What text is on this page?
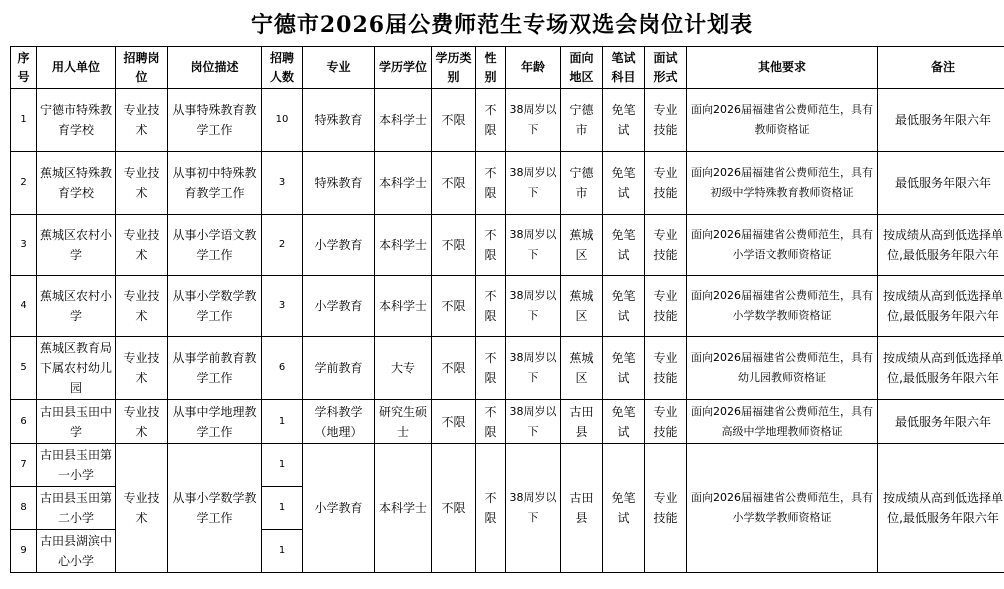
宁德市2026届公费师范生专场双选会岗位计划表
序号	用人单位	招聘岗位	岗位描述	招聘人数	专业	学历学位	学历类别	性别	年龄	面向地区	笔试科目	面试形式	其他要求	备注
1	宁德市特殊教育学校	专业技术	从事特殊教育教学工作	10	特殊教育	本科学士	不限	不限	38周岁以下	宁德市	免笔试	专业技能	面向2026届福建省公费师范生，具有教师资格证	最低服务年限六年
2	蕉城区特殊教育学校	专业技术	从事初中特殊教育教学工作	3	特殊教育	本科学士	不限	不限	38周岁以下	宁德市	免笔试	专业技能	面向2026届福建省公费师范生，具有初级中学特殊教育教师资格证	最低服务年限六年
3	蕉城区农村小学	专业技术	从事小学语文教学工作	2	小学教育	本科学士	不限	不限	38周岁以下	蕉城区	免笔试	专业技能	面向2026届福建省公费师范生，具有小学语文教师资格证	按成绩从高到低选择单位,最低服务年限六年
4	蕉城区农村小学	专业技术	从事小学数学教学工作	3	小学教育	本科学士	不限	不限	38周岁以下	蕉城区	免笔试	专业技能	面向2026届福建省公费师范生，具有小学数学教师资格证	按成绩从高到低选择单位,最低服务年限六年
5	蕉城区教育局下属农村幼儿园	专业技术	从事学前教育教学工作	6	学前教育	大专	不限	不限	38周岁以下	蕉城区	免笔试	专业技能	面向2026届福建省公费师范生，具有幼儿园教师资格证	按成绩从高到低选择单位,最低服务年限六年
6	古田县玉田中学	专业技术	从事中学地理教学工作	1	学科教学（地理）	研究生硕士	不限	不限	38周岁以下	古田县	免笔试	专业技能	面向2026届福建省公费师范生，具有高级中学地理教师资格证	最低服务年限六年
7	古田县玉田第一小学	专业技术	从事小学数学教学工作	1	小学教育	本科学士	不限	不限	38周岁以下	古田县	免笔试	专业技能	面向2026届福建省公费师范生，具有小学数学教师资格证	按成绩从高到低选择单位,最低服务年限六年
8	古田县玉田第二小学			1										
9	古田县湖滨中心小学			1										
